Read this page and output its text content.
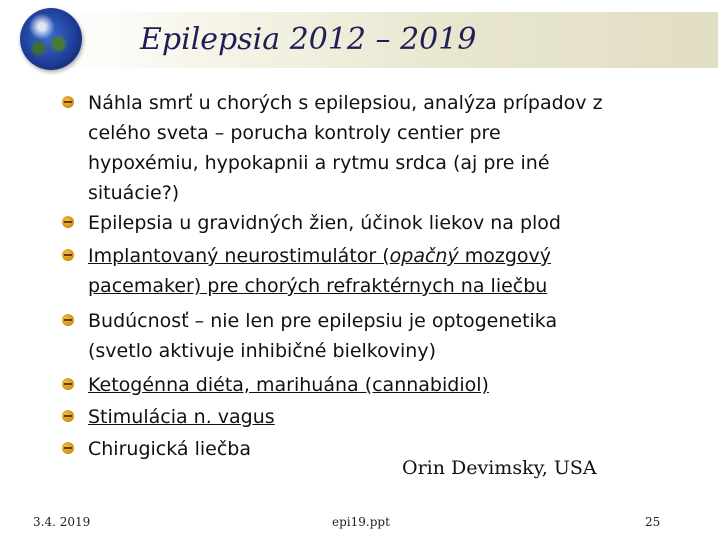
Epilepsia 2012 – 2019
Náhla smrť u chorých s epilepsiou, analýza prípadov z
celého sveta – porucha kontroly centier pre
hypoxémiu, hypokapnii a rytmu srdca (aj pre iné
situácie?)
Epilepsia u gravidných žien, účinok liekov na plod
Implantovaný neurostimulátor (opačný mozgový
pacemaker) pre chorých refraktérnych na liečbu
Budúcnosť – nie len pre epilepsiu je optogenetika
(svetlo aktivuje inhibičné bielkoviny)
Ketogénna diéta, marihuána (cannabidiol)
Stimulácia n. vagus
Chirugická liečba
Orin Devimsky, USA
3.4. 2019	epi19.ppt	25
